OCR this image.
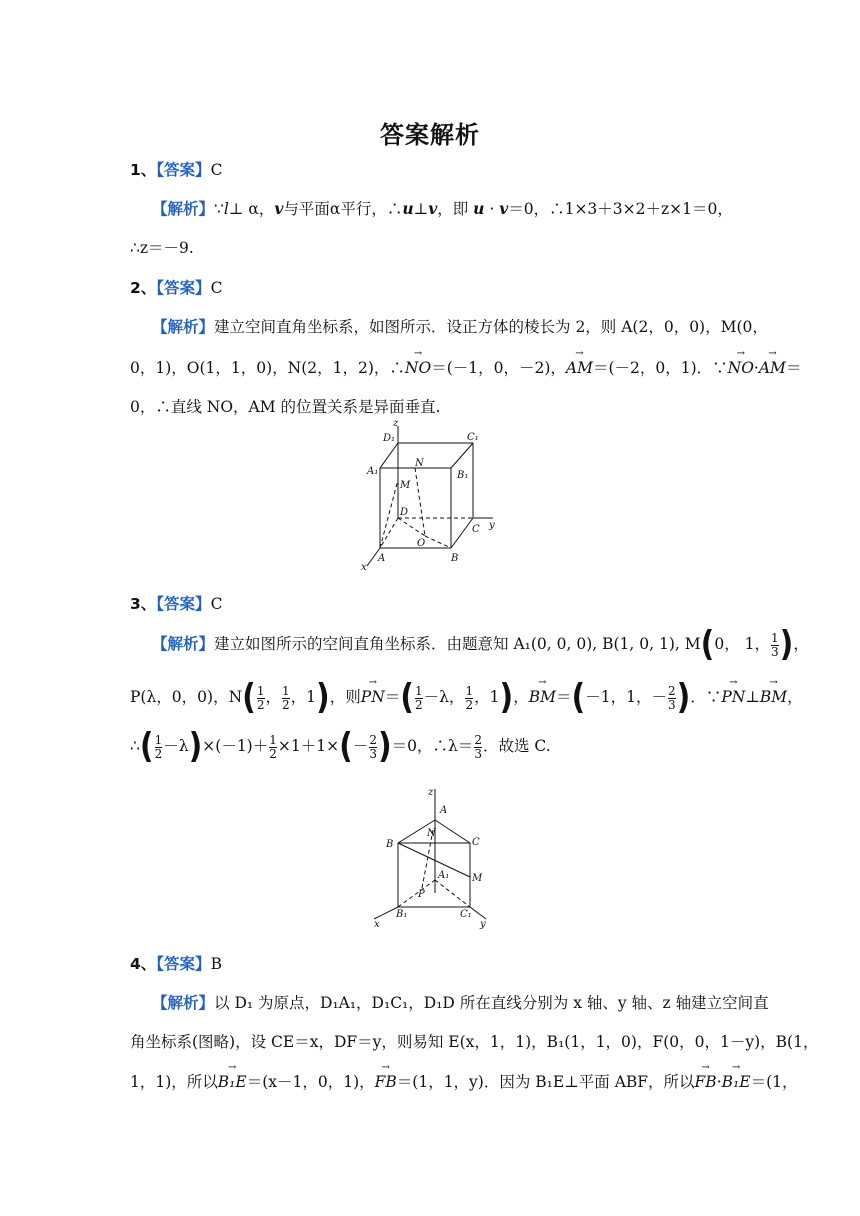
答案解析
1、【答案】C
【解析】∵l⊥ α，v与平面α平行，∴u⊥v，即 u · v＝0，∴1×3＋3×2＋z×1＝0，
∴z＝－9.
2、【答案】C
【解析】建立空间直角坐标系，如图所示．设正方体的棱长为 2，则 A(2，0，0)，M(0，
0，1)，O(1，1，0)，N(2，1，2)，∴→ NO＝(－1，0，－2)，→ AM＝(－2，0，1)．∵→ NO·→ AM＝
0，∴直线 NO，AM 的位置关系是异面垂直.
z
D₁	C₁
A₁
N
B₁
M
D
C y
O
x
A	B
3、【答案】C
【解析】建立如图所示的空间直角坐标系．由题意知 A₁(0, 0, 0), B(1, 0, 1), M(0， 1， $\frac{1}{3}$ )，
P(λ，0，0)，$N( \frac{1}{2}$ ， $\frac{1}{2}$ ，1)，则→ $PN=( \frac{1}{2} -\lambda$， $\frac{1}{2}$ ，1)，→ BM＝(－1，1，－ $\frac{2}{3}$ )．∵→ PN⊥→ BM，
∴( $\frac{1}{2} -\lambda)\times(-1)+ \frac{1}{2} \times 1+1\times(- \frac{2}{3} )=0$，∴λ＝ $\frac{2}{3}$ ．故选 C.
z
A
N
B	C
A₁ M
P
B₁	C₁
x	y
4、【答案】B
【解析】以 D₁ 为原点，D₁A₁，D₁C₁，D₁D 所在直线分别为 x 轴、y 轴、z 轴建立空间直
角坐标系(图略)，设 CE＝x，DF＝y，则易知 E(x，1，1)，B₁(1，1，0)，F(0，0，1－y)，B(1，
1，1)，所以→ B₁E＝(x－1，0，1)，→ FB＝(1，1，y)．因为 B₁E⊥平面 ABF，所以→ FB·→ B₁E＝(1，
